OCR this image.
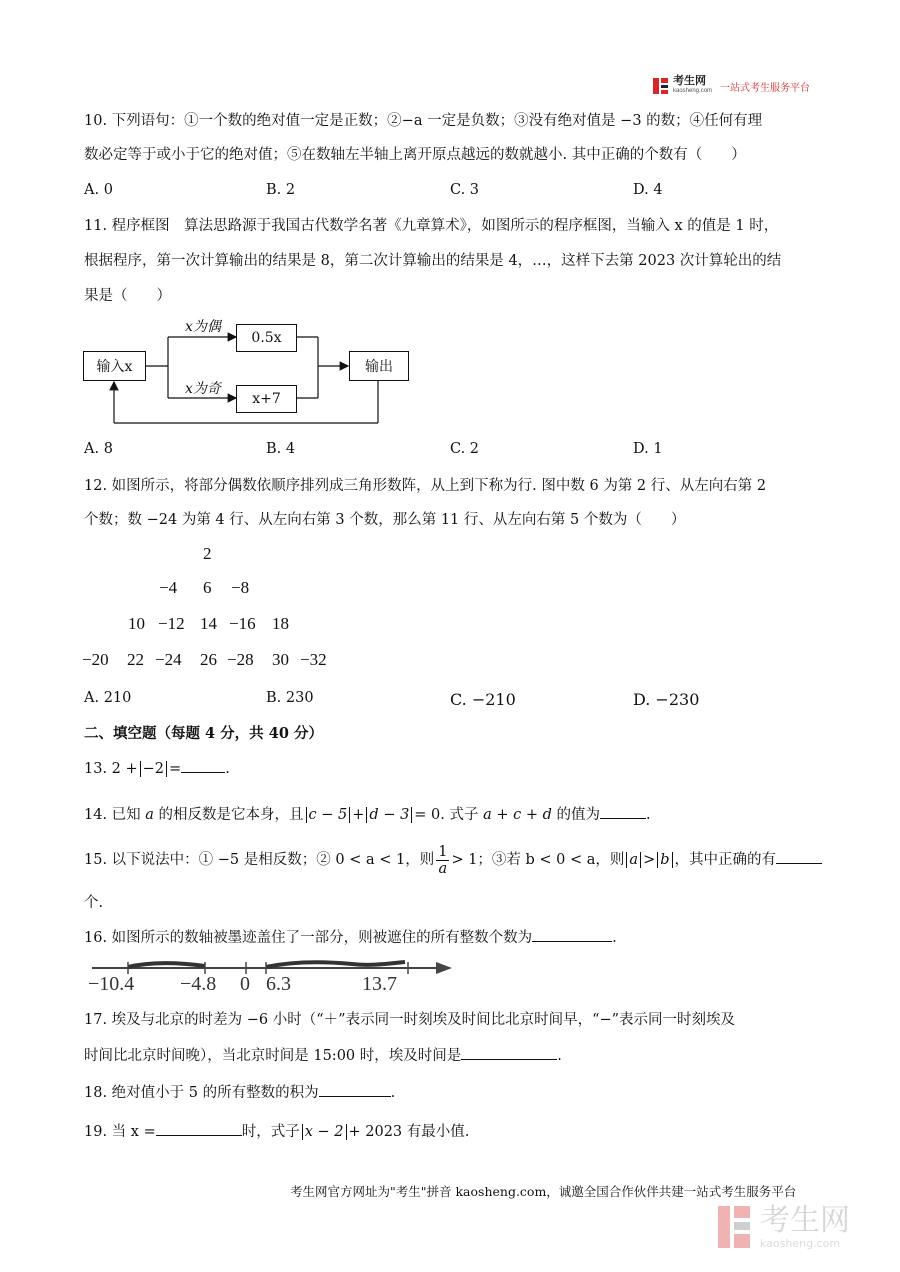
考生网
kaosheng.com 一站式考生服务平台
10. 下列语句：①一个数的绝对值一定是正数；②−a 一定是负数；③没有绝对值是 −3 的数；④任何有理
数必定等于或小于它的绝对值；⑤在数轴左半轴上离开原点越远的数就越小. 其中正确的个数有（　　）
A. 0	B. 2	C. 3	D. 4
11. 程序框图　算法思路源于我国古代数学名著《九章算术》，如图所示的程序框图，当输入 x 的值是 1 时，
根据程序，第一次计算输出的结果是 8，第二次计算输出的结果是 4，…，这样下去第 2023 次计算轮出的结
果是（　　）
输入x
x为偶
0.5x
x为奇
x+7
输出
A. 8	B. 4	C. 2	D. 1
12. 如图所示，将部分偶数依顺序排列成三角形数阵，从上到下称为行. 图中数 6 为第 2 行、从左向右第 2
个数；数 −24 为第 4 行、从左向右第 3 个数，那么第 11 行、从左向右第 5 个数为（　　）
2
−4 6 −8
10 −12 14 −16 18
−20 22 −24 26 −28 30 −32
A. 210	B. 230	C. −210	D. −230
二、填空题（每题 4 分，共 40 分）
13. 2 + −2 =	.
14. 已知 a 的相反数是它本身，且 c − 5 + d − 3 = 0. 式子 a + c + d 的值为	.
15. 以下说法中：① −5 是相反数；② 0 < a < 1，则 $\frac{1}{a} > 1$；③若 b < 0 < a，则 a > b ，其中正确的有
个.
16. 如图所示的数轴被墨迹盖住了一部分，则被遮住的所有整数个数为	.
−10.4 −4.8 0 6.3	13.7
17. 埃及与北京的时差为 −6 小时（“＋”表示同一时刻埃及时间比北京时间早，“−”表示同一时刻埃及
时间比北京时间晚），当北京时间是 15:00 时，埃及时间是	.
18. 绝对值小于 5 的所有整数的积为	.
19. 当 x =	时，式子 x − 2 + 2023 有最小值.
考生网官方网址为"考生"拼音 kaosheng.com，诚邀全国合作伙伴共建一站式考生服务平台
考生网
kaosheng.com
